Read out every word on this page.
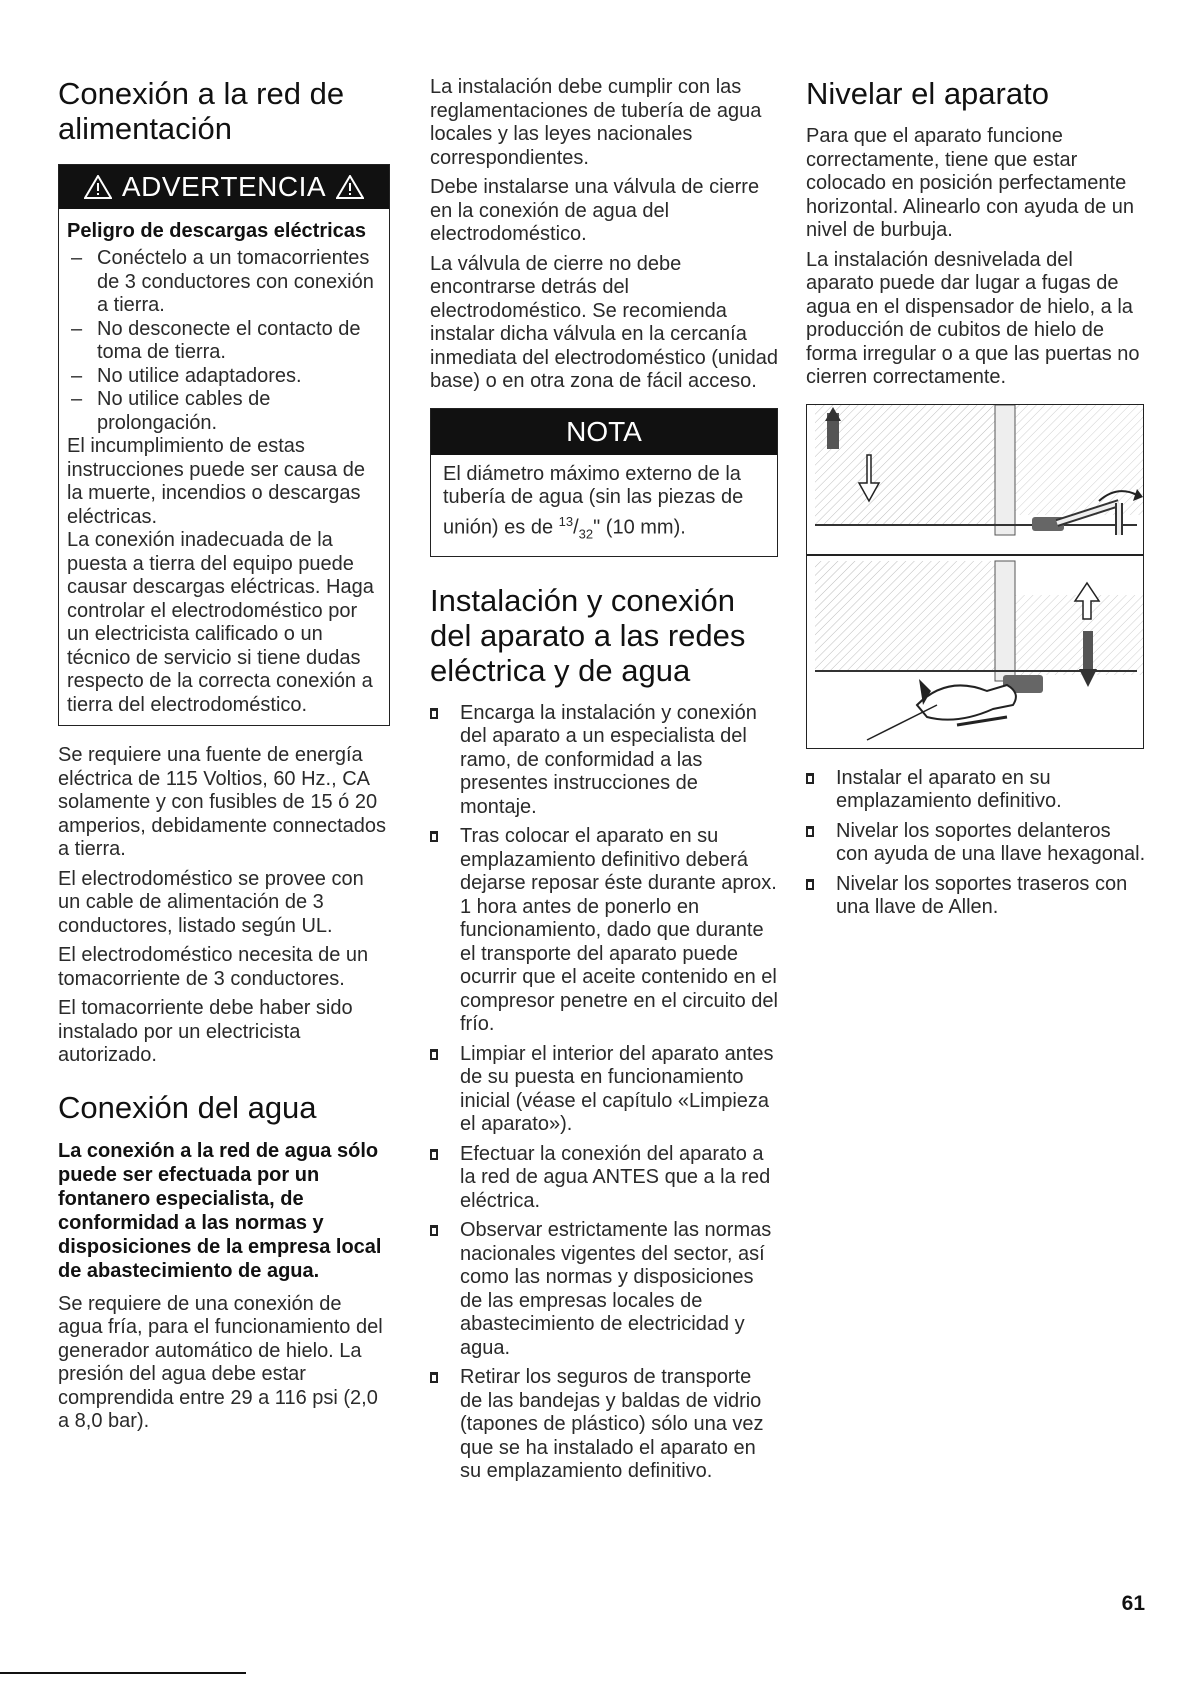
Conexión a la red de alimentación
ADVERTENCIA
Peligro de descargas eléctricas
– Conéctelo a un tomacorrientes de 3 conductores con conexión a tierra.
– No desconecte el contacto de toma de tierra.
– No utilice adaptadores.
– No utilice cables de prolongación.

El incumplimiento de estas instrucciones puede ser causa de la muerte, incendios o descargas eléctricas.

La conexión inadecuada de la puesta a tierra del equipo puede causar descargas eléctricas. Haga controlar el electrodoméstico por un electricista calificado o un técnico de servicio si tiene dudas respecto de la correcta conexión a tierra del electrodoméstico.

Se requiere una fuente de energía eléctrica de 115 Voltios, 60 Hz., CA solamente y con fusibles de 15 ó 20 amperios, debidamente connectados a tierra.

El electrodoméstico se provee con un cable de alimentación de 3 conductores, listado según UL.

El electrodoméstico necesita de un tomacorriente de 3 conductores.

El tomacorriente debe haber sido instalado por un electricista autorizado.

Conexión del agua
La conexión a la red de agua sólo puede ser efectuada por un fontanero especialista, de conformidad a las normas y disposiciones de la empresa local de abastecimiento de agua.

Se requiere de una conexión de agua fría, para el funcionamiento del generador automático de hielo. La presión del agua debe estar comprendida entre 29 a 116 psi (2,0 a 8,0 bar).

La instalación debe cumplir con las reglamentaciones de tubería de agua locales y las leyes nacionales correspondientes.

Debe instalarse una válvula de cierre en la conexión de agua del electrodoméstico.

La válvula de cierre no debe encontrarse detrás del electrodoméstico. Se recomienda instalar dicha válvula en la cercanía inmediata del electrodoméstico (unidad base) o en otra zona de fácil acceso.

NOTA

El diámetro máximo externo de la tubería de agua (sin las piezas de unión) es de $^{13}/_{32}$" (10 mm).

Instalación y conexión del aparato a las redes eléctrica y de agua
Encarga la instalación y conexión del aparato a un especialista del ramo, de conformidad a las presentes instrucciones de montaje.
Tras colocar el aparato en su emplazamiento definitivo deberá dejarse reposar éste durante aprox. 1 hora antes de ponerlo en funcionamiento, dado que durante el transporte del aparato puede ocurrir que el aceite contenido en el compresor penetre en el circuito del frío.
Limpiar el interior del aparato antes de su puesta en funcionamiento inicial (véase el capítulo «Limpieza el aparato»).
Efectuar la conexión del aparato a la red de agua ANTES que a la red eléctrica.
Observar estrictamente las normas nacionales vigentes del sector, así como las normas y disposiciones de las empresas locales de abastecimiento de electricidad y agua.
Retirar los seguros de transporte de las bandejas y baldas de vidrio (tapones de plástico) sólo una vez que se ha instalado el aparato en su emplazamiento definitivo.
Nivelar el aparato

Para que el aparato funcione correctamente, tiene que estar colocado en posición perfectamente horizontal. Alinearlo con ayuda de un nivel de burbuja.

La instalación desnivelada del aparato puede dar lugar a fugas de agua en el dispensador de hielo, a la producción de cubitos de hielo de forma irregular o a que las puertas no cierren correctamente.

Instalar el aparato en su emplazamiento definitivo.
Nivelar los soportes delanteros con ayuda de una llave hexagonal.
Nivelar los soportes traseros con una llave de Allen.
61
